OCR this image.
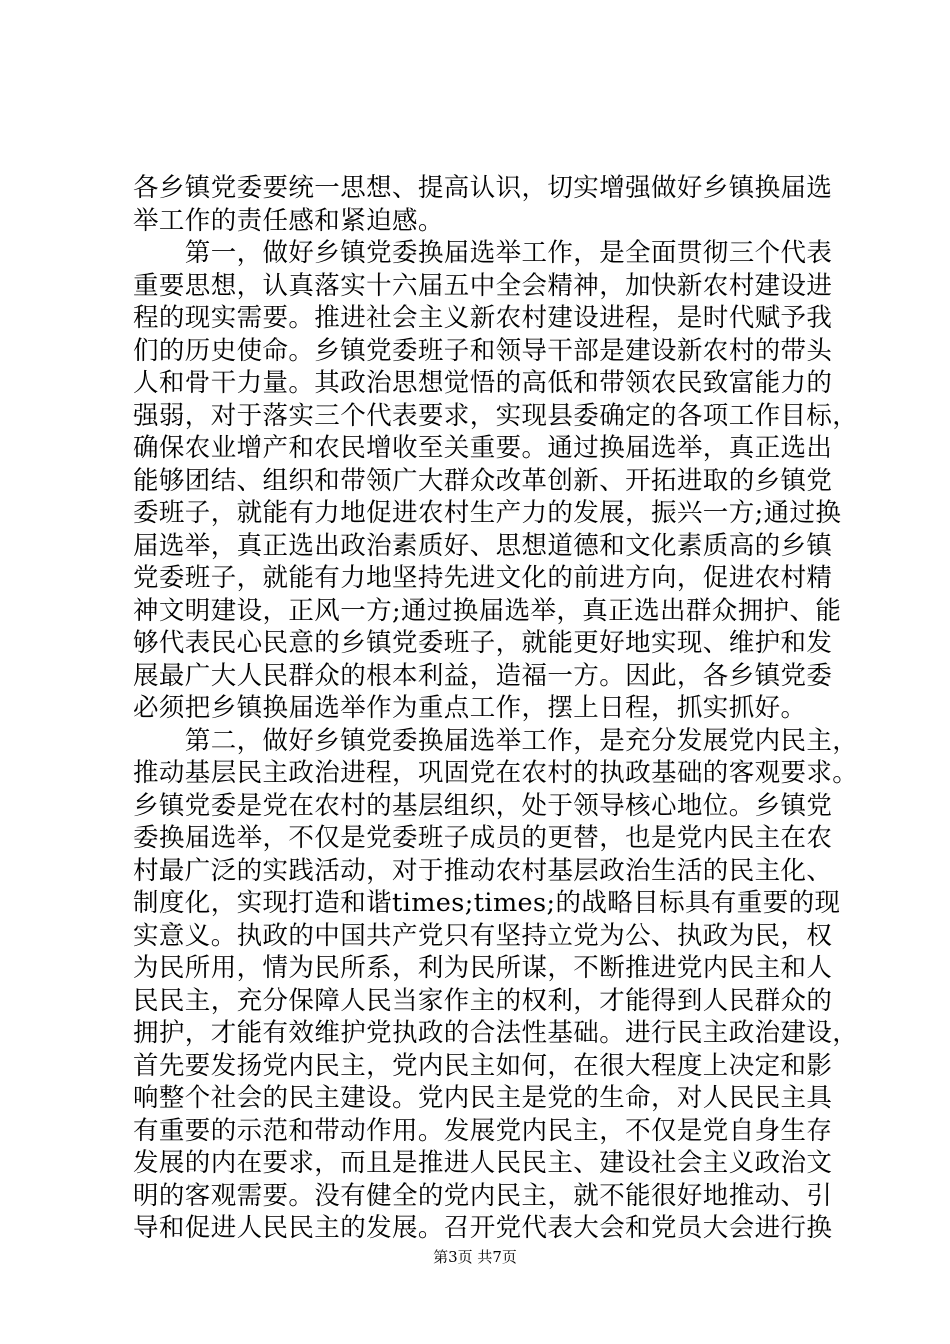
各乡镇党委要统一思想、提高认识，切实增强做好乡镇换届选
举工作的责任感和紧迫感。
　　第一，做好乡镇党委换届选举工作，是全面贯彻三个代表
重要思想，认真落实十六届五中全会精神，加快新农村建设进
程的现实需要。推进社会主义新农村建设进程，是时代赋予我
们的历史使命。乡镇党委班子和领导干部是建设新农村的带头
人和骨干力量。其政治思想觉悟的高低和带领农民致富能力的
强弱，对于落实三个代表要求，实现县委确定的各项工作目标，
确保农业增产和农民增收至关重要。通过换届选举，真正选出
能够团结、组织和带领广大群众改革创新、开拓进取的乡镇党
委班子，就能有力地促进农村生产力的发展，振兴一方;通过换
届选举，真正选出政治素质好、思想道德和文化素质高的乡镇
党委班子，就能有力地坚持先进文化的前进方向，促进农村精
神文明建设，正风一方;通过换届选举，真正选出群众拥护、能
够代表民心民意的乡镇党委班子，就能更好地实现、维护和发
展最广大人民群众的根本利益，造福一方。因此，各乡镇党委
必须把乡镇换届选举作为重点工作，摆上日程，抓实抓好。
　　第二，做好乡镇党委换届选举工作，是充分发展党内民主，
推动基层民主政治进程，巩固党在农村的执政基础的客观要求。
乡镇党委是党在农村的基层组织，处于领导核心地位。乡镇党
委换届选举，不仅是党委班子成员的更替，也是党内民主在农
村最广泛的实践活动，对于推动农村基层政治生活的民主化、
制度化，实现打造和谐times;times;的战略目标具有重要的现
实意义。执政的中国共产党只有坚持立党为公、执政为民，权
为民所用，情为民所系，利为民所谋，不断推进党内民主和人
民民主，充分保障人民当家作主的权利，才能得到人民群众的
拥护，才能有效维护党执政的合法性基础。进行民主政治建设，
首先要发扬党内民主，党内民主如何，在很大程度上决定和影
响整个社会的民主建设。党内民主是党的生命，对人民民主具
有重要的示范和带动作用。发展党内民主，不仅是党自身生存
发展的内在要求，而且是推进人民民主、建设社会主义政治文
明的客观需要。没有健全的党内民主，就不能很好地推动、引
导和促进人民民主的发展。召开党代表大会和党员大会进行换
第3页 共7页
